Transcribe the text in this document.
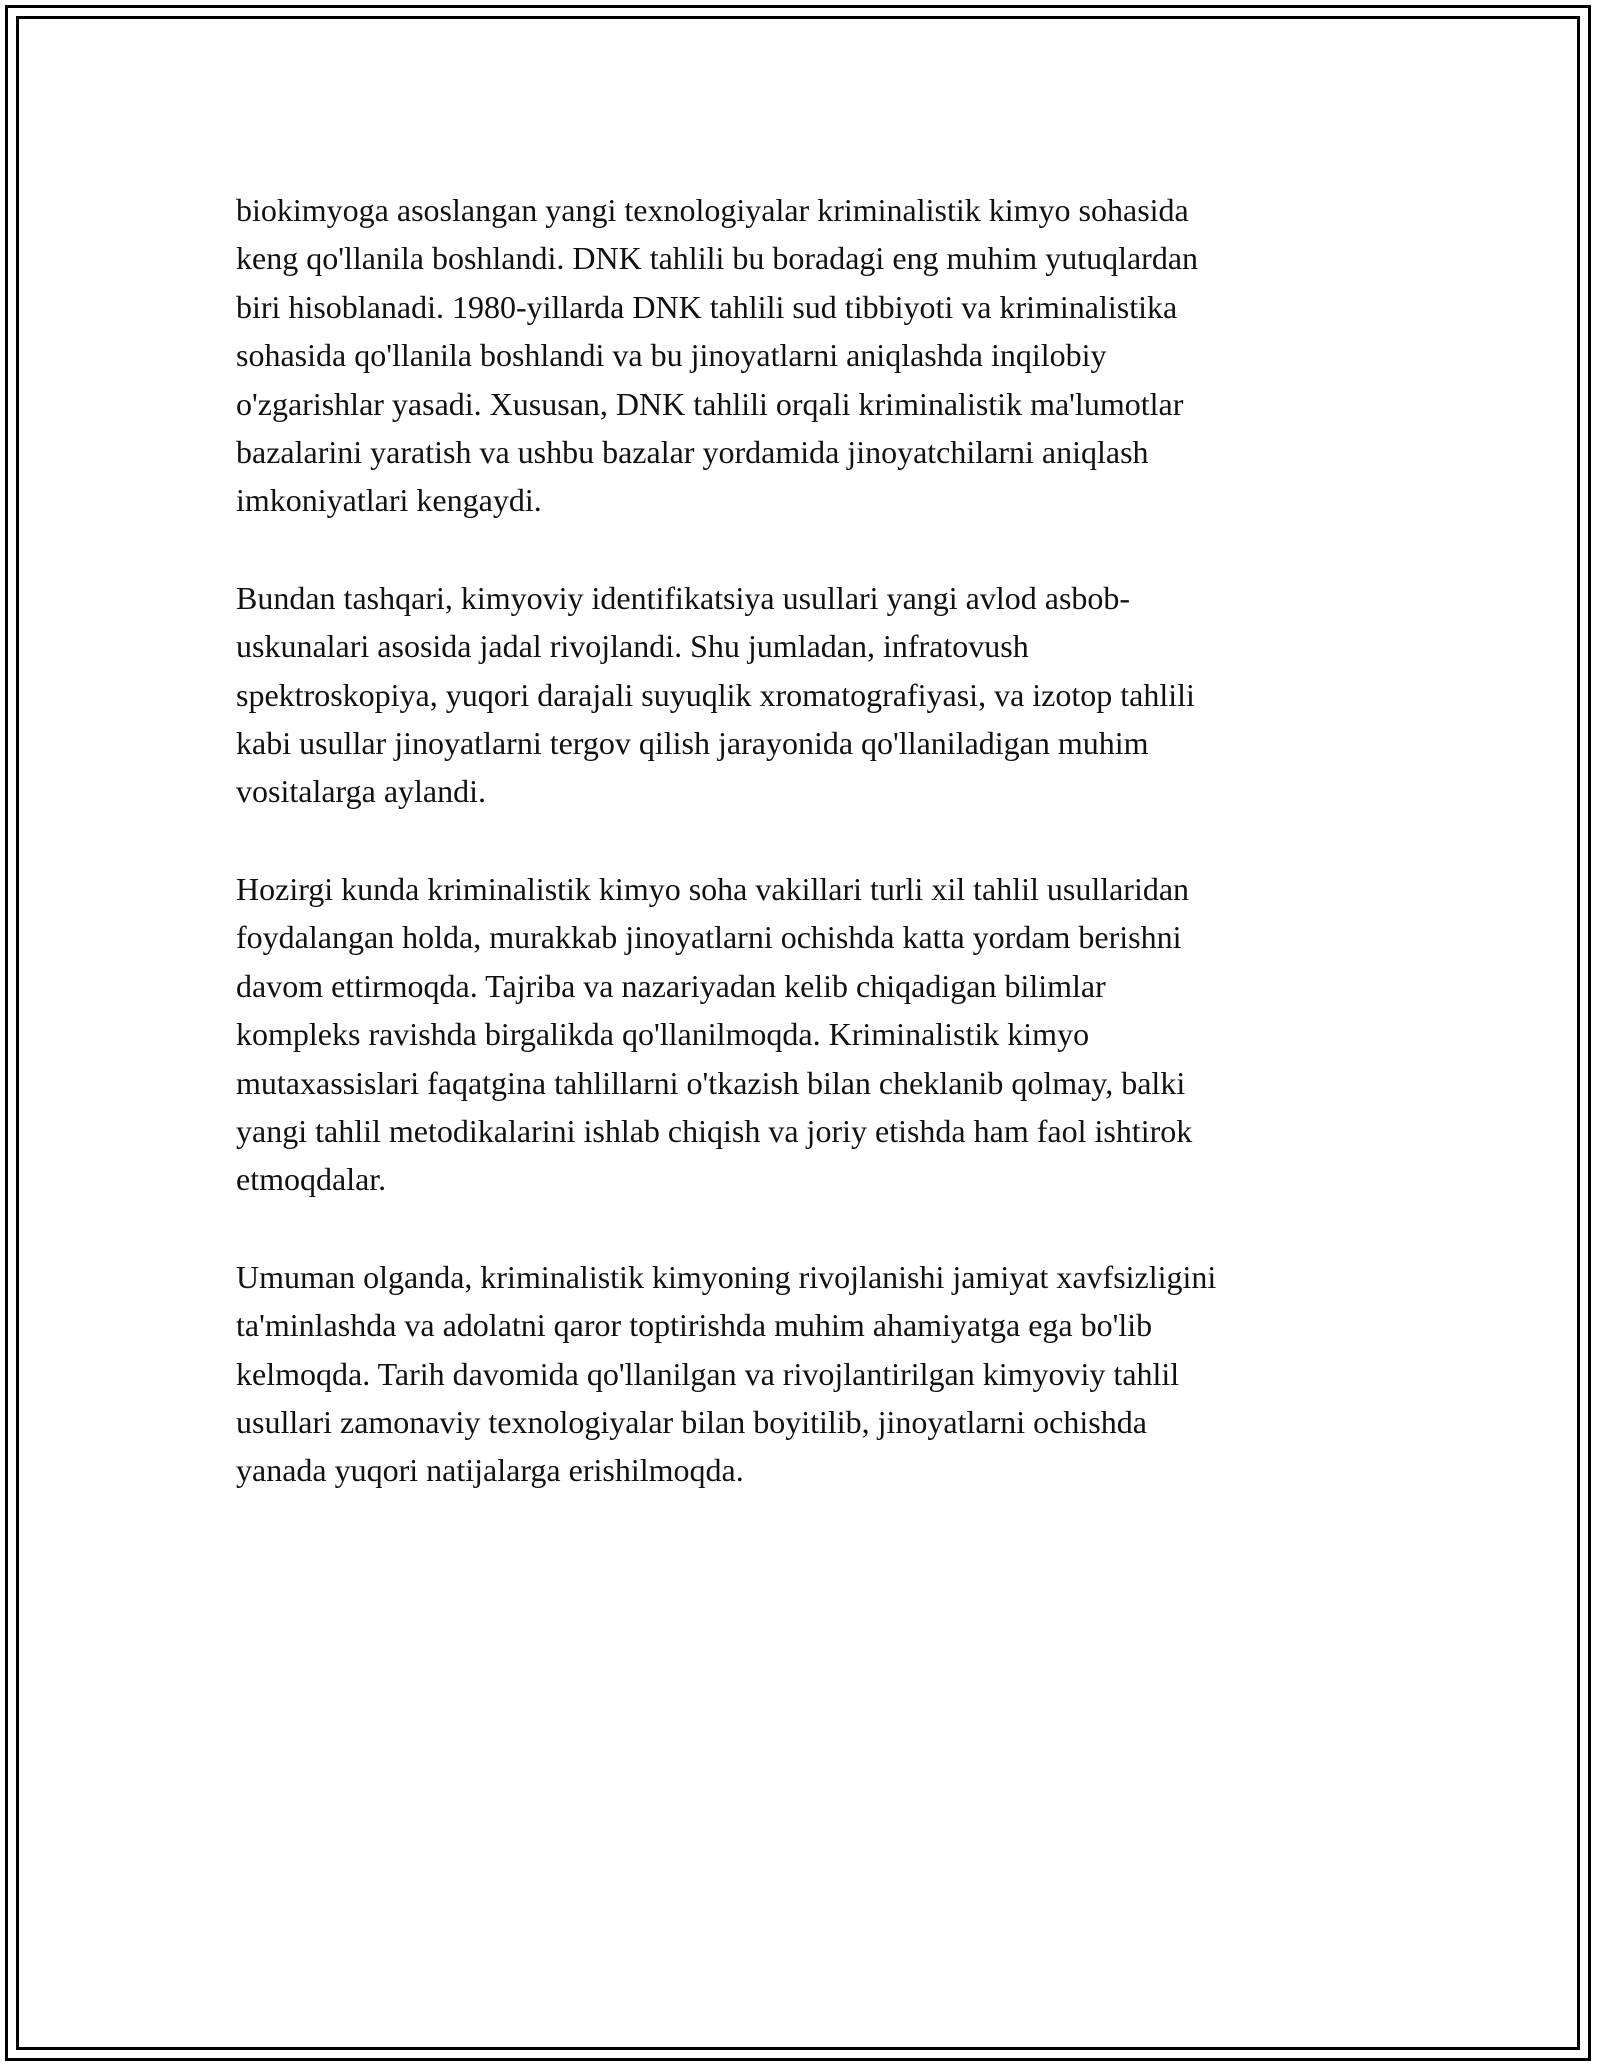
biokimyoga asoslangan yangi texnologiyalar kriminalistik kimyo sohasida
keng qo'llanila boshlandi. DNK tahlili bu boradagi eng muhim yutuqlardan
biri hisoblanadi. 1980-yillarda DNK tahlili sud tibbiyoti va kriminalistika
sohasida qo'llanila boshlandi va bu jinoyatlarni aniqlashda inqilobiy
o'zgarishlar yasadi. Xususan, DNK tahlili orqali kriminalistik ma'lumotlar
bazalarini yaratish va ushbu bazalar yordamida jinoyatchilarni aniqlash
imkoniyatlari kengaydi.

Bundan tashqari, kimyoviy identifikatsiya usullari yangi avlod asbob-
uskunalari asosida jadal rivojlandi. Shu jumladan, infratovush
spektroskopiya, yuqori darajali suyuqlik xromatografiyasi, va izotop tahlili
kabi usullar jinoyatlarni tergov qilish jarayonida qo'llaniladigan muhim
vositalarga aylandi.

Hozirgi kunda kriminalistik kimyo soha vakillari turli xil tahlil usullaridan
foydalangan holda, murakkab jinoyatlarni ochishda katta yordam berishni
davom ettirmoqda. Tajriba va nazariyadan kelib chiqadigan bilimlar
kompleks ravishda birgalikda qo'llanilmoqda. Kriminalistik kimyo
mutaxassislari faqatgina tahlillarni o'tkazish bilan cheklanib qolmay, balki
yangi tahlil metodikalarini ishlab chiqish va joriy etishda ham faol ishtirok
etmoqdalar.

Umuman olganda, kriminalistik kimyoning rivojlanishi jamiyat xavfsizligini
ta'minlashda va adolatni qaror toptirishda muhim ahamiyatga ega bo'lib
kelmoqda. Tarih davomida qo'llanilgan va rivojlantirilgan kimyoviy tahlil
usullari zamonaviy texnologiyalar bilan boyitilib, jinoyatlarni ochishda
yanada yuqori natijalarga erishilmoqda.
